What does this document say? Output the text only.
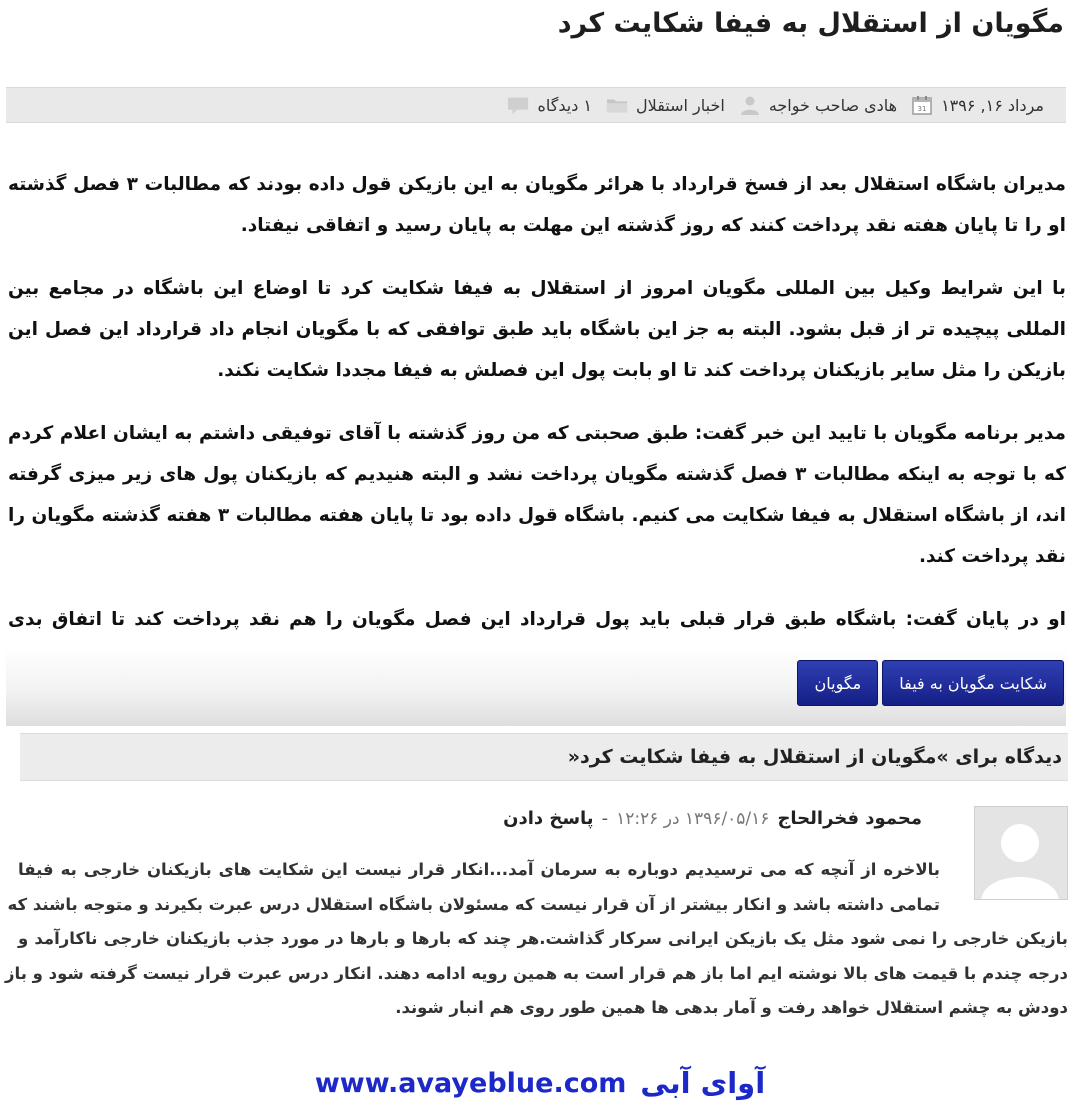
مگویان از استقلال به فیفا شکایت کرد
مرداد ۱۶, ۱۳۹۶
31
هادی صاحب خواجه
اخبار استقلال
۱ دیدگاه

مدیران باشگاه استقلال بعد از فسخ قرارداد با هرائر مگویان به این بازیکن قول داده بودند که مطالبات ۳ فصل گذشته او را تا پایان هفته نقد پرداخت کنند که روز گذشته این مهلت به پایان رسید و اتفاقی نیفتاد.

با این شرایط وکیل بین المللی مگویان امروز از استقلال به فیفا شکایت کرد تا اوضاع این باشگاه در مجامع بین المللی پیچیده تر از قبل بشود. البته به جز این باشگاه باید طبق توافقی که با مگویان انجام داد قرارداد این فصل این بازیکن را مثل سایر بازیکنان پرداخت کند تا او بابت پول این فصلش به فیفا مجددا شکایت نکند.

مدیر برنامه مگویان با تایید این خبر گفت: طبق صحبتی که من روز گذشته با آقای توفیقی داشتم به ایشان اعلام کردم که با توجه به اینکه مطالبات ۳ فصل گذشته مگویان پرداخت نشد و البته هنیدیم که بازیکنان پول های زیر میزی گرفته اند، از باشگاه استقلال به فیفا شکایت می کنیم. باشگاه قول داده بود تا پایان هفته مطالبات ۳ هفته گذشته مگویان را نقد پرداخت کند.

او در پایان گفت: باشگاه طبق قرار قبلی باید پول قرارداد این فصل مگویان را هم نقد پرداخت کند تا اتفاق بدی

شکایت مگویان به فیفا
مگویان
دیدگاه برای »مگویان از استقلال به فیفا شکایت کرد«
محمود فخرالحاج
۱۳۹۶/۰۵/۱۶ در ۱۲:۲۶
-
پاسخ دادن
بالاخره از آنچه که می ترسیدیم دوباره به سرمان آمد...انکار قرار نیست این شکایت های بازیکنان خارجی به فیفا
تمامی داشته باشد و انکار بیشتر از آن قرار نیست که مسئولان باشگاه استقلال درس عبرت بکیرند و متوجه باشند که
بازیکن خارجی را نمی شود مثل یک بازیکن ایرانی سرکار گذاشت.هر چند که بارها و بارها در مورد جذب بازیکنان خارجی ناکارآمد و
درجه چندم با قیمت های بالا نوشته ایم اما باز هم قرار است به همین رویه ادامه دهند. انکار درس عبرت قرار نیست گرفته شود و باز
دودش به چشم استقلال خواهد رفت و آمار بدهی ها همین طور روی هم انبار شوند.
www.avayeblue.com آوای آبی
